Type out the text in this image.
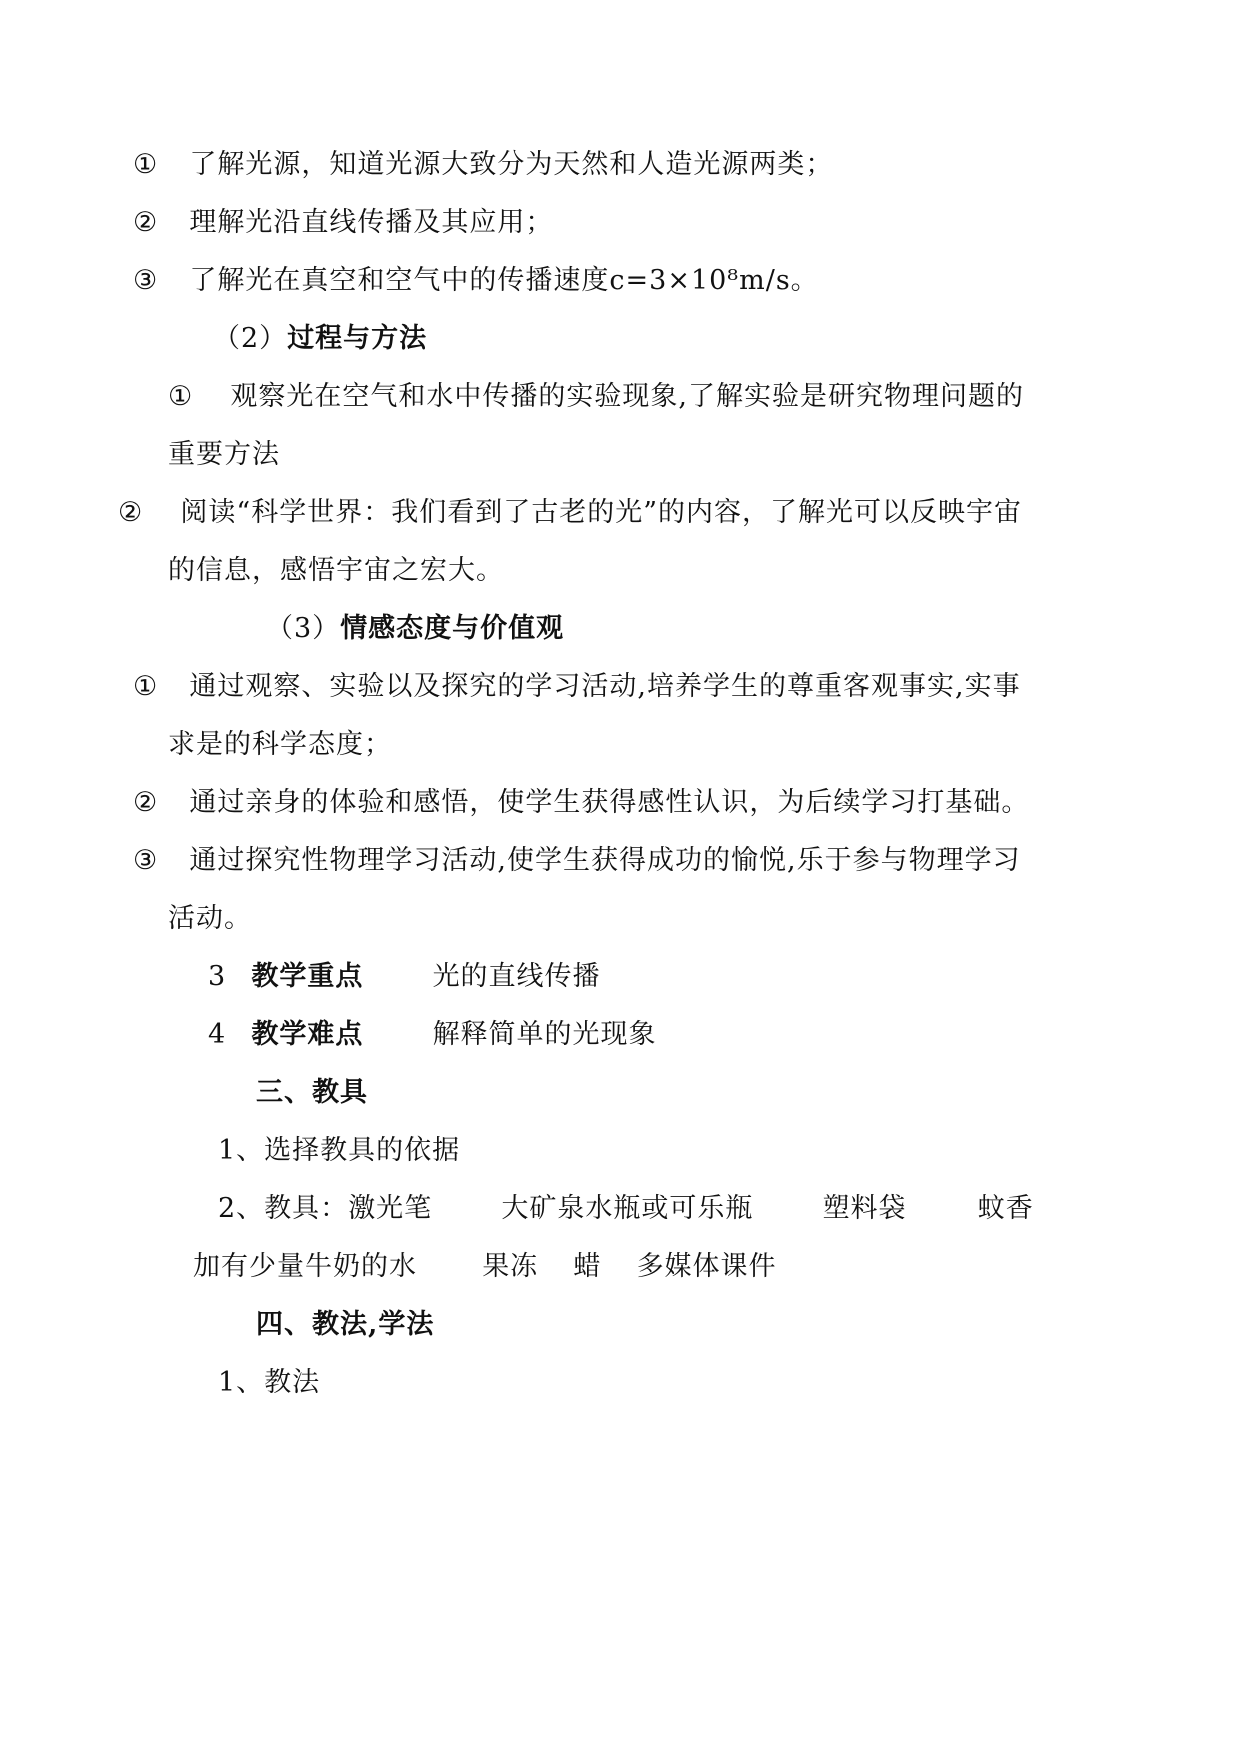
① 了解光源，知道光源大致分为天然和人造光源两类；
② 理解光沿直线传播及其应用；
③ 了解光在真空和空气中的传播速度c=3×10⁸m/s。
（2）过程与方法
① 观察光在空气和水中传播的实验现象,了解实验是研究物理问题的
重要方法
② 阅读“科学世界：我们看到了古老的光”的内容，了解光可以反映宇宙
的信息，感悟宇宙之宏大。
（3）情感态度与价值观
① 通过观察、实验以及探究的学习活动,培养学生的尊重客观事实,实事
求是的科学态度；
② 通过亲身的体验和感悟，使学生获得感性认识，为后续学习打基础。
③ 通过探究性物理学习活动,使学生获得成功的愉悦,乐于参与物理学习
活动。
3 教学重点	光的直线传播
4 教学难点	解释简单的光现象
三、教具
1、选择教具的依据
2、教具：激光笔	大矿泉水瓶或可乐瓶	塑料袋	蚊香
加有少量牛奶的水 果冻 蜡 多媒体课件
四、教法,学法
1、教法
